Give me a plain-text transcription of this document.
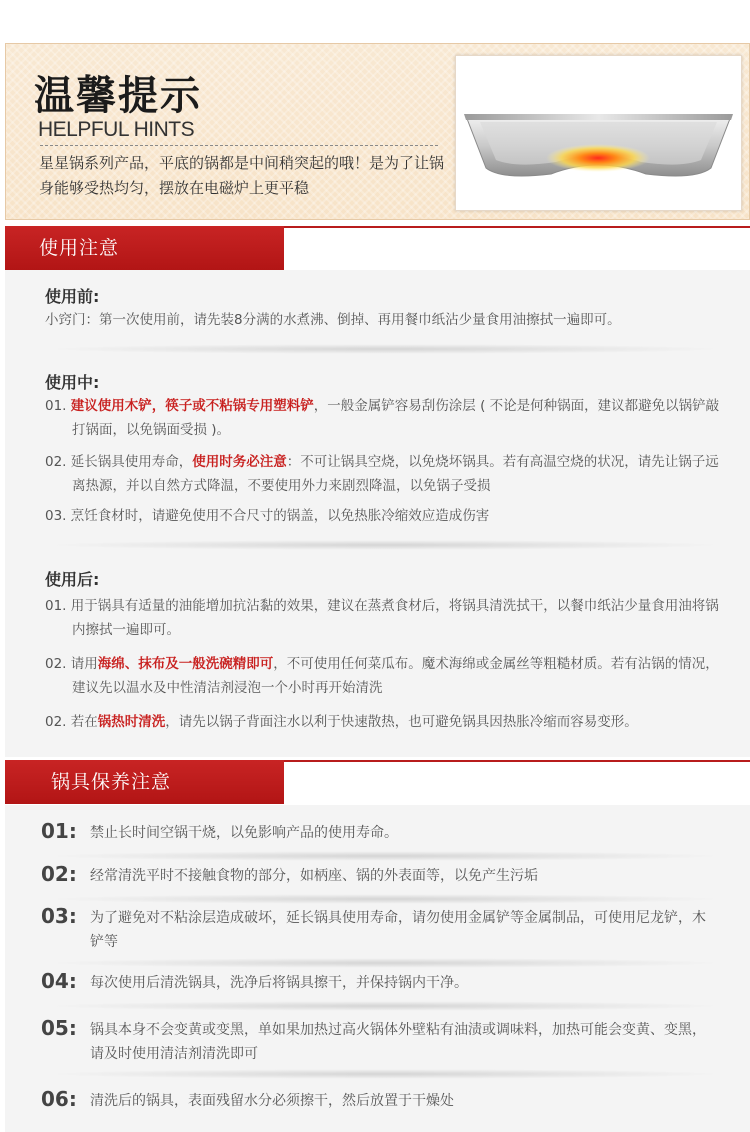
温馨提示
HELPFUL HINTS
星星锅系列产品，平底的锅都是中间稍突起的哦！是为了让锅身能够受热均匀，摆放在电磁炉上更平稳
使用注意
使用前:
小窍门：第一次使用前，请先装8分满的水煮沸、倒掉、再用餐巾纸沾少量食用油擦拭一遍即可。
使用中:
01. 建议使用木铲，筷子或不粘锅专用塑料铲，一般金属铲容易刮伤涂层 ( 不论是何种锅面，建议都避免以锅铲敲打锅面，以免锅面受损 )。
02. 延长锅具使用寿命，使用时务必注意：不可让锅具空烧，以免烧坏锅具。若有高温空烧的状况，请先让锅子远离热源，并以自然方式降温，不要使用外力来剧烈降温，以免锅子受损
03. 烹饪食材时，请避免使用不合尺寸的锅盖，以免热胀冷缩效应造成伤害
使用后:
01. 用于锅具有适量的油能增加抗沾黏的效果，建议在蒸煮食材后，将锅具清洗拭干，以餐巾纸沾少量食用油将锅内擦拭一遍即可。
02. 请用海绵、抹布及一般洗碗精即可，不可使用任何菜瓜布。魔术海绵或金属丝等粗糙材质。若有沾锅的情况，建议先以温水及中性清洁剂浸泡一个小时再开始清洗
02. 若在锅热时清洗，请先以锅子背面注水以利于快速散热，也可避免锅具因热胀冷缩而容易变形。
锅具保养注意
01: 禁止长时间空锅干烧，以免影响产品的使用寿命。
02: 经常清洗平时不接触食物的部分，如柄座、锅的外表面等，以免产生污垢
03: 为了避免对不粘涂层造成破坏，延长锅具使用寿命，请勿使用金属铲等金属制品，可使用尼龙铲，木铲等
04: 每次使用后清洗锅具，洗净后将锅具擦干，并保持锅内干净。
05: 锅具本身不会变黄或变黑，单如果加热过高火锅体外壁粘有油渍或调味料，加热可能会变黄、变黑，请及时使用清洁剂清洗即可
06: 清洗后的锅具，表面残留水分必须擦干，然后放置于干燥处
